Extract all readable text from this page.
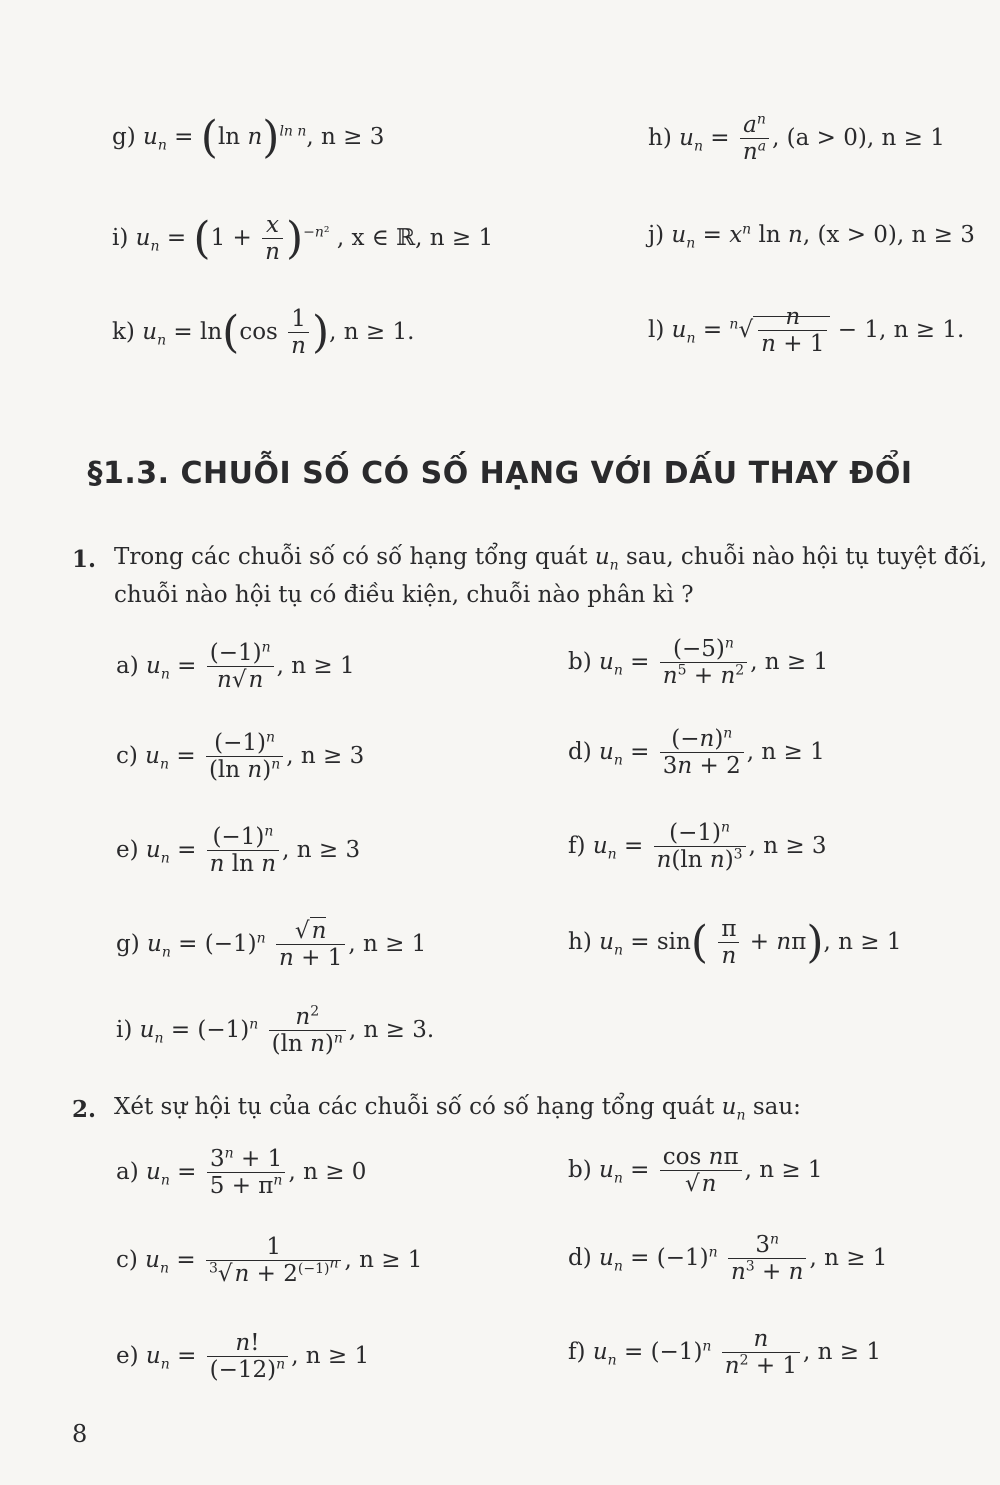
g) $u_n = (\ln$ n)$^{ln n}$, n ≥ 3	h) $u_n = \frac{a^n}{n^a}$ , (a > 0), n ≥ 1
i) $u_n = (1 + \frac{x}{n} )^{-n^2}$ , x ∈ ℝ, n ≥ 1	j) $u_n = x^n$ ln n, (x > 0), n ≥ 3
k) $u_n = \ln(\cos \frac{1}{n}$ ), n ≥ 1.	l) $u_n = ^n√ \frac{n}{n + 1} - 1$, n ≥ 1.
§1.3. CHUỖI SỐ CÓ SỐ HẠNG VỚI DẤU THAY ĐỔI
1. Trong các chuỗi số có số hạng tổng quát $u_n$ sau, chuỗi nào hội tụ tuyệt đối, chuỗi nào hội tụ có điều kiện, chuỗi nào phân kì ?
a) $u_n = \frac{(-1)^n}{n√n}$ , n ≥ 1	b) $u_n = \frac{(-5)^n}{n^5 + n^2}$ , n ≥ 1
c) $u_n = \frac{(-1)^n}{(\ln n)^n}$ , n ≥ 3	d) $u_n = \frac{(-n)^n}{3n + 2}$ , n ≥ 1
e) $u_n = \frac{(-1)^n}{\text{n ln n}}$ , n ≥ 3	f) $u_n = \frac{(-1)^n}{n(\ln n)^3}$ , n ≥ 3
g) $u_n = (-1)^n \frac{√n}{n + 1}$ , n ≥ 1	h) $u_n = \sin( \frac{\pi}{n} + n\pi)$, n ≥ 1
i) $u_n = (-1)^n \frac{n^2}{(\ln n)^n}$ , n ≥ 3.
2. Xét sự hội tụ của các chuỗi số có số hạng tổng quát $u_n$ sau:
a) $u_n = \frac{3^n + 1}{5 + \pi^n}$ , n ≥ 0	b) $u_n = \frac{\text{cos nπ}}{√n}$ , n ≥ 1
c) $u_n = \frac{1}{^3√n + 2^{(-1)^n}}$ , n ≥ 1	d) $u_n = (-1)^n \frac{3^n}{n^3 + n}$ , n ≥ 1
e) $u_n = \frac{n!}{(-12)^n}$ , n ≥ 1	f) $u_n = (-1)^n \frac{n}{n^2 + 1}$ , n ≥ 1
8
